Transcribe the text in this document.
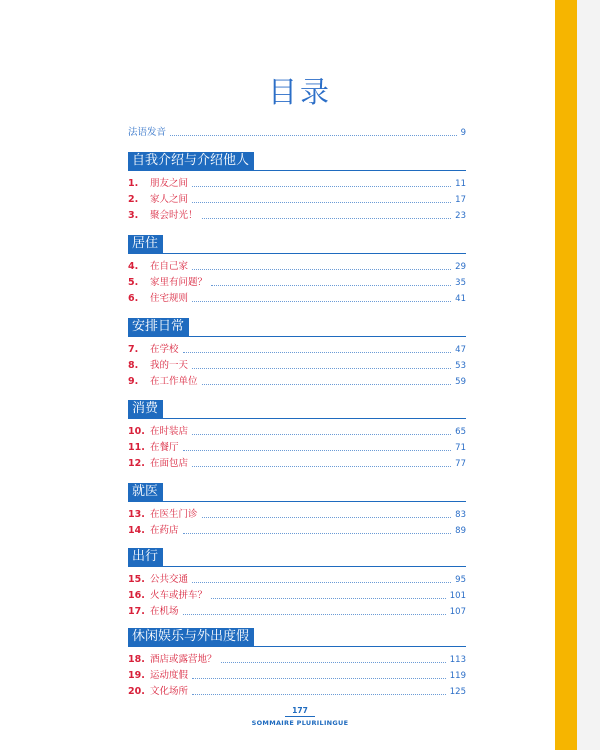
目录
法语发音	9
自我介绍与介绍他人
1.	朋友之间	11
2.	家人之间	17
3.	聚会时光！	23
居住
4.	在自己家	29
5.	家里有问题？	35
6.	住宅规则	41
安排日常
7.	在学校	47
8.	我的一天	53
9.	在工作单位	59
消费
10. 在时装店	65
11. 在餐厅	71
12. 在面包店	77
就医
13. 在医生门诊	83
14. 在药店	89
出行
15. 公共交通	95
16. 火车或拼车？	101
17. 在机场	107
休闲娱乐与外出度假
18. 酒店或露营地？	113
19. 运动度假	119
20. 文化场所	125
177
SOMMAIRE PLURILINGUE
